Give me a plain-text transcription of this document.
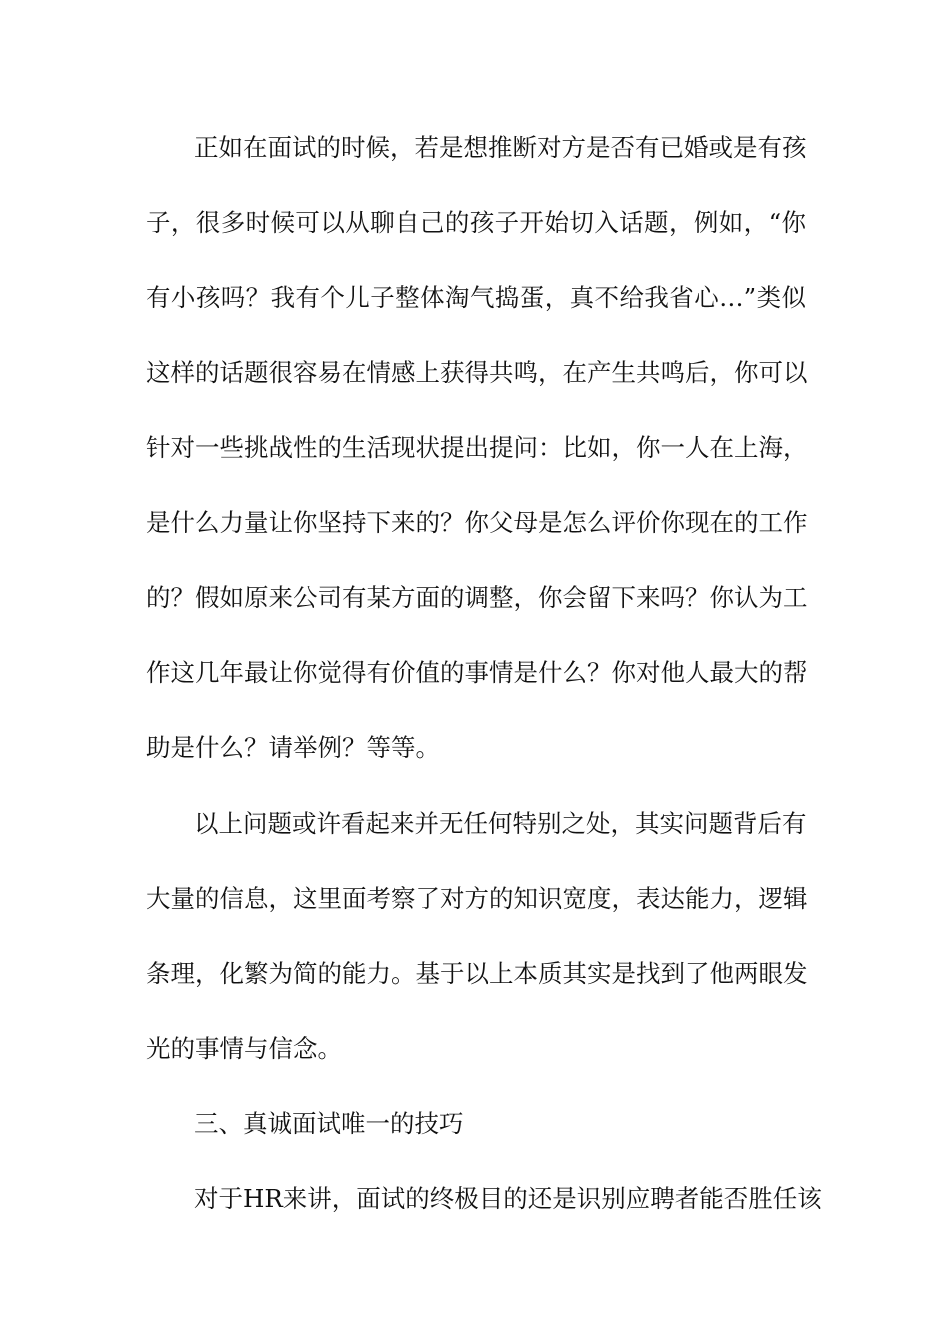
正如在面试的时候，若是想推断对方是否有已婚或是有孩
子，很多时候可以从聊自己的孩子开始切入话题，例如，“你
有小孩吗？我有个儿子整体淘气捣蛋，真不给我省心…”类似
这样的话题很容易在情感上获得共鸣，在产生共鸣后，你可以
针对一些挑战性的生活现状提出提问：比如，你一人在上海，
是什么力量让你坚持下来的？你父母是怎么评价你现在的工作
的？假如原来公司有某方面的调整，你会留下来吗？你认为工
作这几年最让你觉得有价值的事情是什么？你对他人最大的帮
助是什么？请举例？等等。
以上问题或许看起来并无任何特别之处，其实问题背后有
大量的信息，这里面考察了对方的知识宽度，表达能力，逻辑
条理，化繁为简的能力。基于以上本质其实是找到了他两眼发
光的事情与信念。
三、真诚面试唯一的技巧
对于HR来讲，面试的终极目的还是识别应聘者能否胜任该
